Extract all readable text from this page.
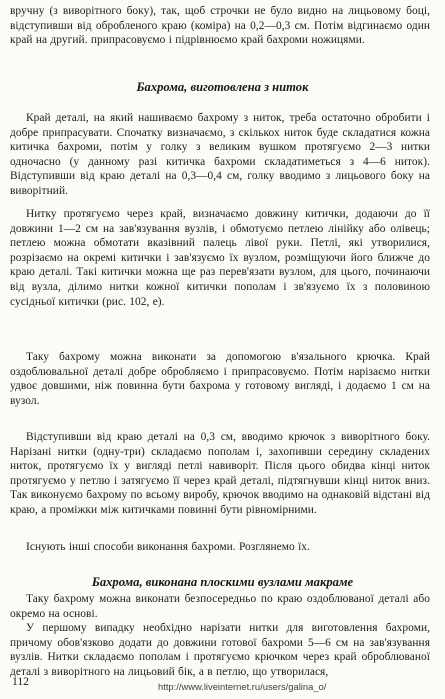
вручну (з виворітного боку), так, щоб строчки не було видно на лицьовому боці, відступивши від обробленого краю (коміра) на 0,2—0,3 см. Потім відгинаємо один край на другий. припрасовуємо і підрівнюємо край бахроми ножицями.

Бахрома, виготовлена з ниток

Край деталі, на який нашиваємо бахрому з ниток, треба остаточно обробити і добре припрасувати. Спочатку визначаємо, з скількох ниток буде складатися кожна китичка бахроми, потім у голку з великим вушком протягуємо 2—3 нитки одночасно (у данному разі китичка бахроми складатиметься з 4—6 ниток). Відступивши від краю деталі на 0,3—0,4 см, голку вводимо з лицьового боку на виворітний.

Нитку протягуємо через край, визначаємо довжину китички, додаючи до її довжини 1—2 см на зав'язування вузлів, і обмотуємо петлею лінійку або олівець; петлею можна обмотати вказівний палець лівої руки. Петлі, які утворилися, розрізаємо на окремі китички і зав'язуємо їх вузлом, розміщуючи його ближче до краю деталі. Такі китички можна ще раз перев'язати вузлом, для цього, починаючи від вузла, ділимо нитки кожної китички пополам і зв'язуємо їх з половиною сусідньої китички (рис. 102, е).

Таку бахрому можна виконати за допомогою в'язального крючка. Край оздоблювальної деталі добре обробляємо і припрасовуємо. Потім нарізаємо нитки удвоє довшими, ніж повинна бути бахрома у готовому вигляді, і додаємо 1 см на вузол.

Відступивши від краю деталі на 0,3 см, вводимо крючок з виворітного боку. Нарізані нитки (одну-три) складаємо пополам і, захопивши середину складених ниток, протягуємо їх у вигляді петлі навиворіт. Після цього обидва кінці ниток протягуємо у петлю і затягуємо її через край деталі, підтягнувши кінці ниток вниз. Так виконуємо бахрому по всьому виробу, крючок вводимо на однаковій відстані від краю, а проміжки між китичками повинні бути рівномірними.

Існують інші способи виконання бахроми. Розглянемо їх.

Бахрома, виконана плоскими вузлами макраме

Таку бахрому можна виконати безпосередньо по краю оздоблюваної деталі або окремо на основі.

У першому випадку необхідно нарізати нитки для виготовлення бахроми, причому обов'язково додати до довжини готової бахроми 5—6 см на зав'язування вузлів. Нитки складаємо пополам і протягуємо крючком через край оброблюваної деталі з виворітного на лицьовий бік, а в петлю, що утворилася,

112	http://www.liveinternet.ru/users/galina_o/
